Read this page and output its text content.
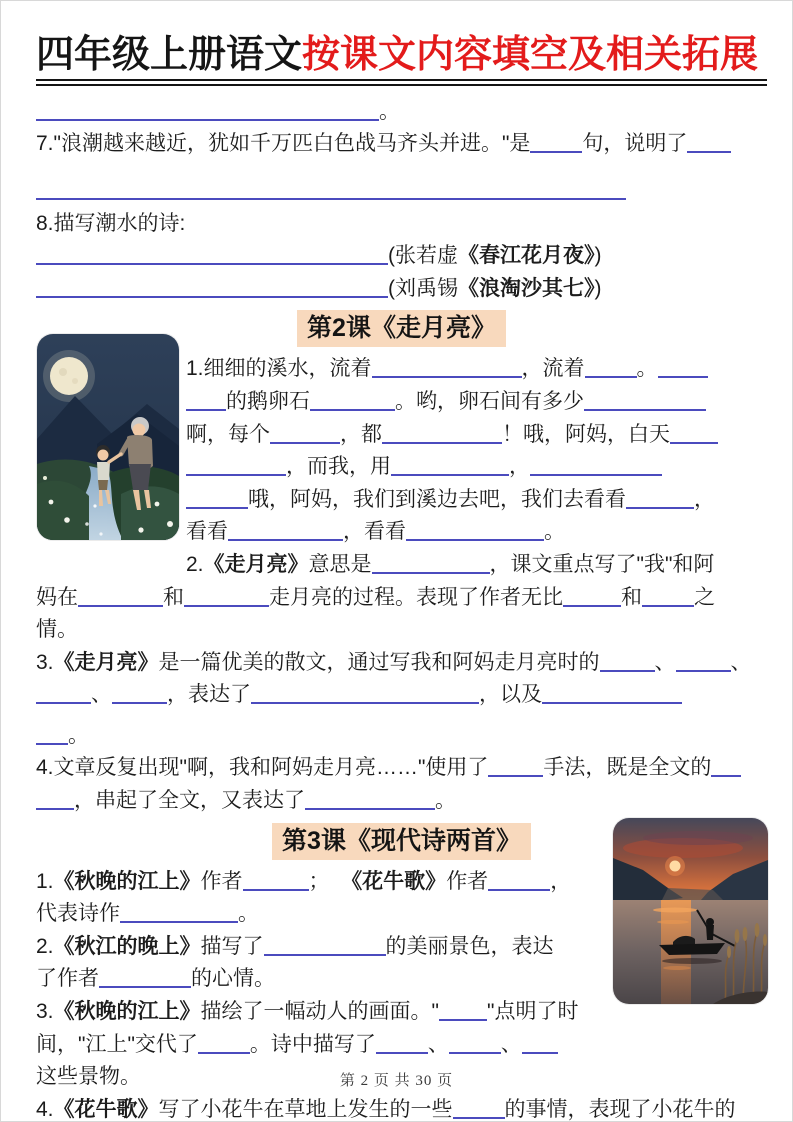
四年级上册语文按课文内容填空及相关拓展
。
7."浪潮越来越近，犹如千万匹白色战马齐头并进。"是 句，说明了
8.描写潮水的诗:
(张若虚《春江花月夜》)
(刘禹锡《浪淘沙其七》)
第2课《走月亮》
1.细细的溪水，流着	，流着 。
的鹅卵石	。哟，卵石间有多少
啊，每个	，都	！哦，阿妈，白天
，而我，用	，
哦，阿妈，我们到溪边去吧，我们去看看	，
看看	，看看	。
2.《走月亮》意思是	，课文重点写了"我"和阿
妈在	和	走月亮的过程。表现了作者无比	和 之
情。
3.《走月亮》是一篇优美的散文，通过写我和阿妈走月亮时的	、	、
、	，表达了	，以及
。
4.文章反复出现"啊，我和阿妈走月亮……"使用了	手法，既是全文的
，串起了全文，又表达了	。
第3课《现代诗两首》
1.《秋晚的江上》作者	；  《花牛歌》作者	，
代表诗作	。
2.《秋江的晚上》描写了	的美丽景色，表达
了作者	的心情。
3.《秋晚的江上》描绘了一幅动人的画面。" "点明了时
间，"江上"交代了 。诗中描写了 、 、
这些景物。
4.《花牛歌》写了小花牛在草地上发生的一些 的事情，表现了小花牛的
第 2 页 共 30 页
